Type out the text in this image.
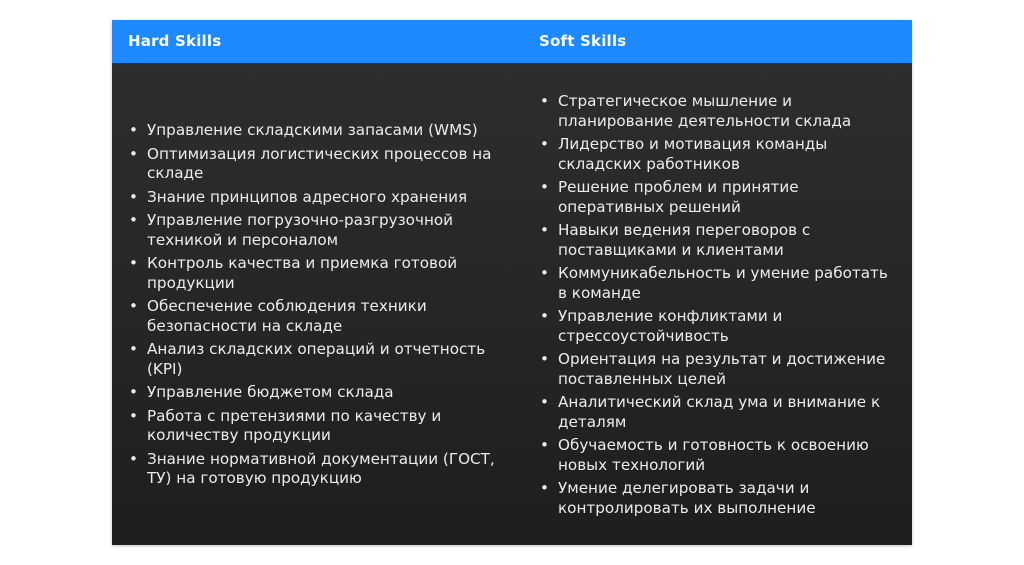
Hard Skills	Soft Skills
• Управление складскими запасами (WMS)
• Оптимизация логистических процессов на складе
• Знание принципов адресного хранения
• Управление погрузочно-разгрузочной техникой и персоналом
• Контроль качества и приемка готовой продукции
• Обеспечение соблюдения техники безопасности на складе
• Анализ складских операций и отчетность (KPI)
• Управление бюджетом склада
• Работа с претензиями по качеству и количеству продукции
• Знание нормативной документации (ГОСТ, ТУ) на готовую продукцию
• Стратегическое мышление и планирование деятельности склада
• Лидерство и мотивация команды складских работников
• Решение проблем и принятие оперативных решений
• Навыки ведения переговоров с поставщиками и клиентами
• Коммуникабельность и умение работать в команде
• Управление конфликтами и стрессоустойчивость
• Ориентация на результат и достижение поставленных целей
• Аналитический склад ума и внимание к деталям
• Обучаемость и готовность к освоению новых технологий
• Умение делегировать задачи и контролировать их выполнение
